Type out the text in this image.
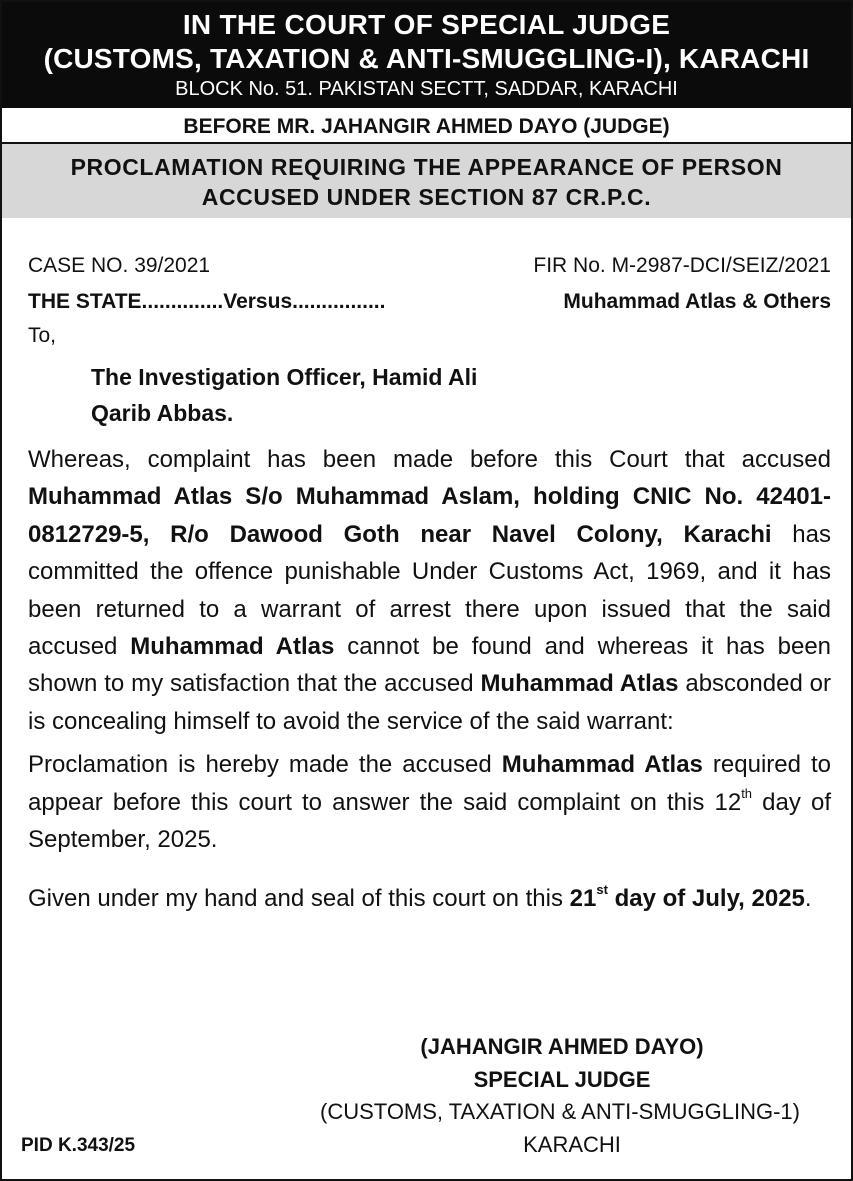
IN THE COURT OF SPECIAL JUDGE
(CUSTOMS, TAXATION & ANTI-SMUGGLING-I), KARACHI
BLOCK No. 51. PAKISTAN SECTT, SADDAR, KARACHI
BEFORE MR. JAHANGIR AHMED DAYO (JUDGE)
PROCLAMATION REQUIRING THE APPEARANCE OF PERSON
ACCUSED UNDER SECTION 87 CR.P.C.
CASE NO. 39/2021	FIR No. M-2987-DCI/SEIZ/2021
THE STATE..............Versus................	Muhammad Atlas & Others
To,
The Investigation Officer, Hamid Ali
Qarib Abbas.
Whereas, complaint has been made before this Court that accused Muhammad Atlas S/o Muhammad Aslam, holding CNIC No. 42401-0812729-5, R/o Dawood Goth near Navel Colony, Karachi has committed the offence punishable Under Customs Act, 1969, and it has been returned to a warrant of arrest there upon issued that the said accused Muhammad Atlas cannot be found and whereas it has been shown to my satisfaction that the accused Muhammad Atlas absconded or is concealing himself to avoid the service of the said warrant:
Proclamation is hereby made the accused Muhammad Atlas required to appear before this court to answer the said complaint on this 12th day of September, 2025.
Given under my hand and seal of this court on this 21st day of July, 2025.
(JAHANGIR AHMED DAYO)
SPECIAL JUDGE
(CUSTOMS, TAXATION & ANTI-SMUGGLING-1)
KARACHI
PID K.343/25
